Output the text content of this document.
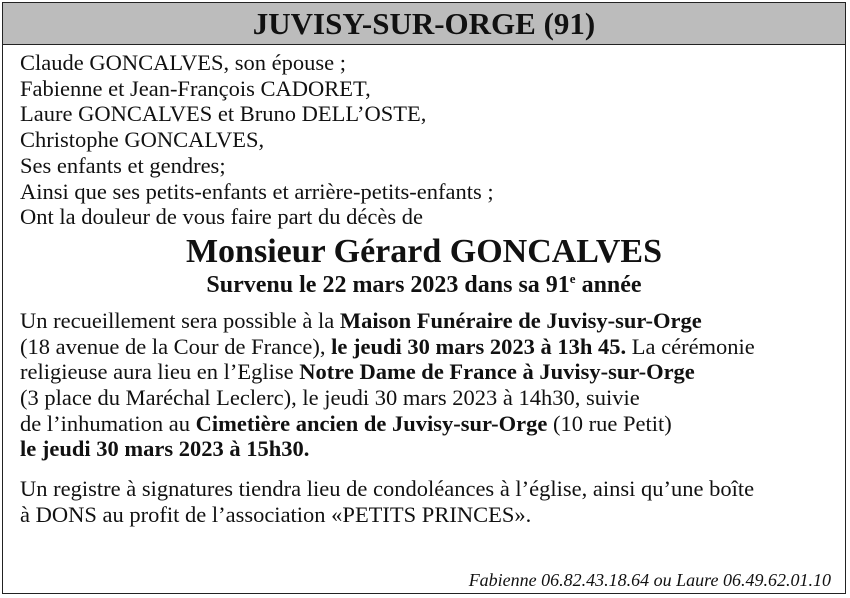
JUVISY-SUR-ORGE (91)
Claude GONCALVES, son épouse ;
Fabienne et Jean-François CADORET,
Laure GONCALVES et Bruno DELL’OSTE,
Christophe GONCALVES,
Ses enfants et gendres;
Ainsi que ses petits-enfants et arrière-petits-enfants ;
Ont la douleur de vous faire part du décès de
Monsieur Gérard GONCALVES
Survenu le 22 mars 2023 dans sa 91e année
Un recueillement sera possible à la Maison Funéraire de Juvisy-sur-Orge
(18 avenue de la Cour de France), le jeudi 30 mars 2023 à 13h 45. La cérémonie
religieuse aura lieu en l’Eglise Notre Dame de France à Juvisy-sur-Orge
(3 place du Maréchal Leclerc), le jeudi 30 mars 2023 à 14h30, suivie
de l’inhumation au Cimetière ancien de Juvisy-sur-Orge (10 rue Petit)
le jeudi 30 mars 2023 à 15h30.
Un registre à signatures tiendra lieu de condoléances à l’église, ainsi qu’une boîte
à DONS au profit de l’association «PETITS PRINCES».
Fabienne 06.82.43.18.64 ou Laure 06.49.62.01.10
